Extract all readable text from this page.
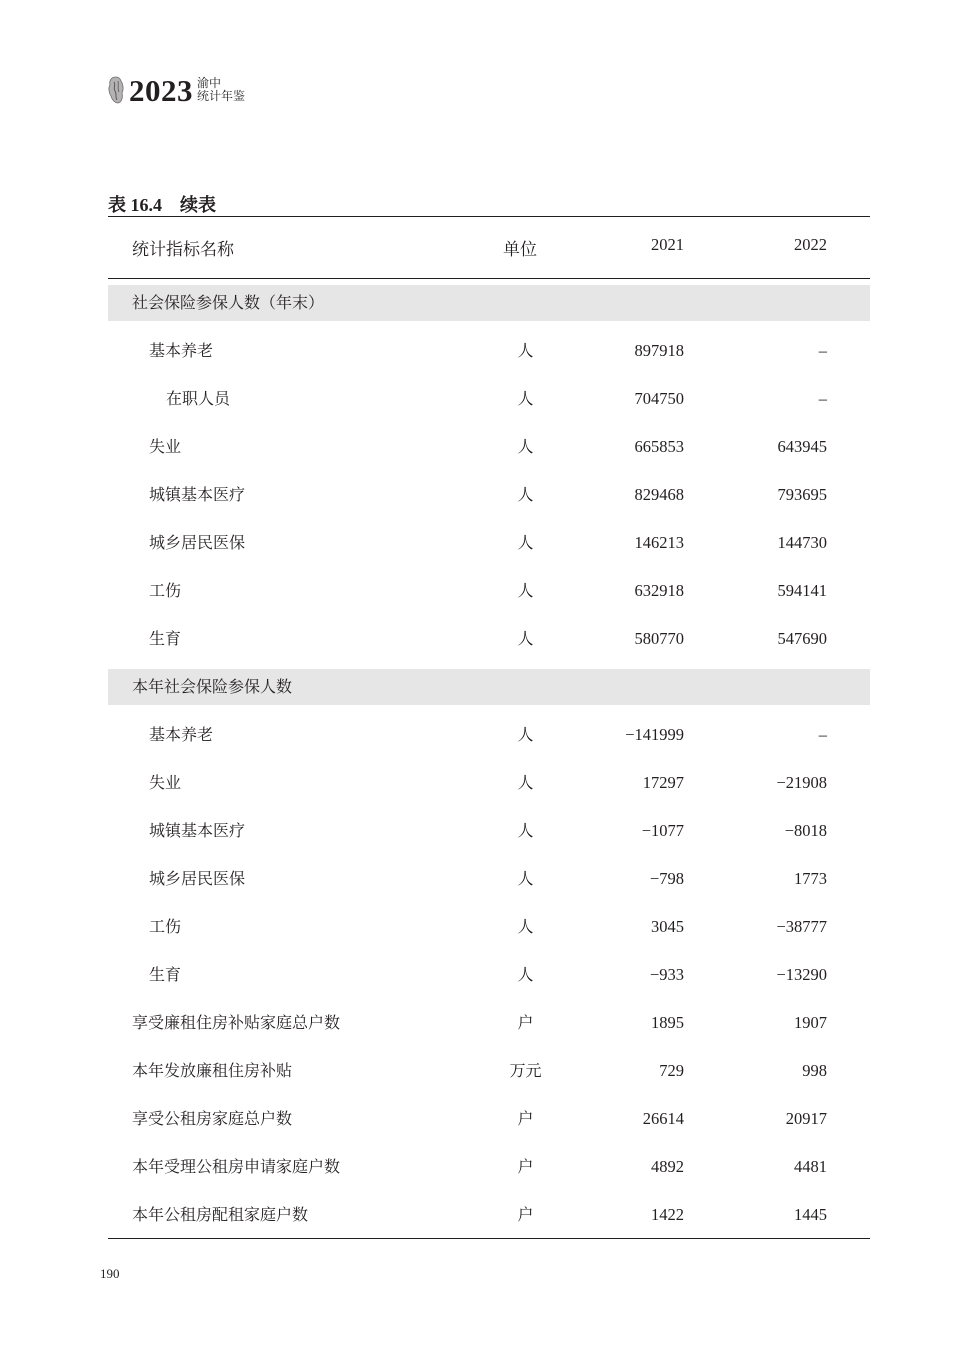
2023 渝中
统计年鉴
表 16.4 续表
统计指标名称	单位	2021	2022
社会保险参保人数（年末）
基本养老	人	897918	–
在职人员	人	704750	–
失业	人	665853	643945
城镇基本医疗	人	829468	793695
城乡居民医保	人	146213	144730
工伤	人	632918	594141
生育	人	580770	547690
本年社会保险参保人数
基本养老	人	−141999	–
失业	人	17297	−21908
城镇基本医疗	人	−1077	−8018
城乡居民医保	人	−798	1773
工伤	人	3045	−38777
生育	人	−933	−13290
享受廉租住房补贴家庭总户数	户	1895	1907
本年发放廉租住房补贴	万元	729	998
享受公租房家庭总户数	户	26614	20917
本年受理公租房申请家庭户数	户	4892	4481
本年公租房配租家庭户数	户	1422	1445
190
